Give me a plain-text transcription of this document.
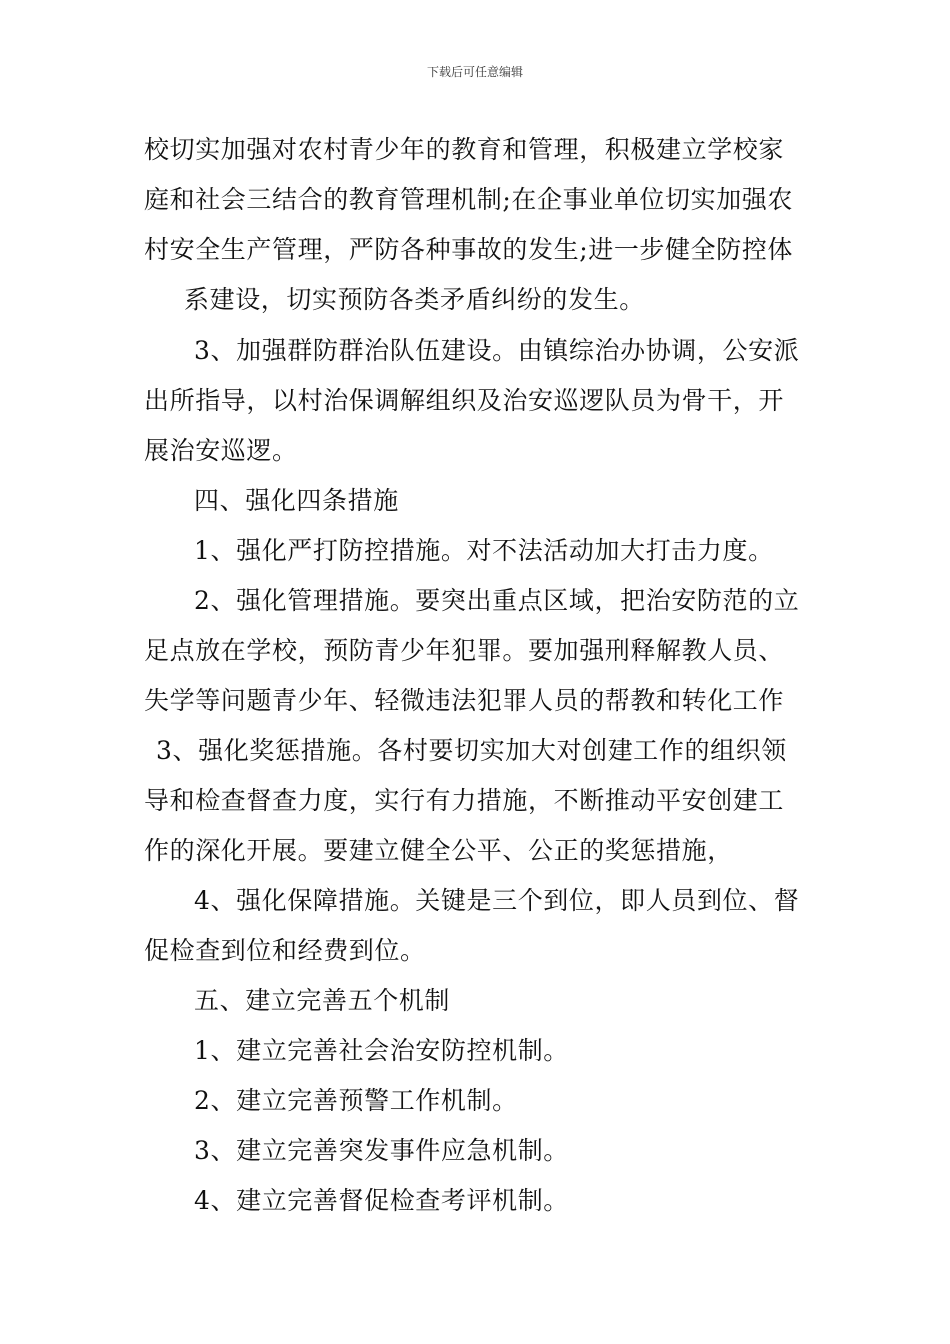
下载后可任意编辑
校切实加强对农村青少年的教育和管理，积极建立学校家
庭和社会三结合的教育管理机制;在企事业单位切实加强农
村安全生产管理，严防各种事故的发生;进一步健全防控体
系建设，切实预防各类矛盾纠纷的发生。
3、加强群防群治队伍建设。由镇综治办协调，公安派
出所指导，以村治保调解组织及治安巡逻队员为骨干，开
展治安巡逻。
四、强化四条措施
1、强化严打防控措施。对不法活动加大打击力度。
2、强化管理措施。要突出重点区域，把治安防范的立
足点放在学校，预防青少年犯罪。要加强刑释解教人员、
失学等问题青少年、轻微违法犯罪人员的帮教和转化工作
3、强化奖惩措施。各村要切实加大对创建工作的组织领
导和检查督查力度，实行有力措施，不断推动平安创建工
作的深化开展。要建立健全公平、公正的奖惩措施，
4、强化保障措施。关键是三个到位，即人员到位、督
促检查到位和经费到位。
五、建立完善五个机制
1、建立完善社会治安防控机制。
2、建立完善预警工作机制。
3、建立完善突发事件应急机制。
4、建立完善督促检查考评机制。
